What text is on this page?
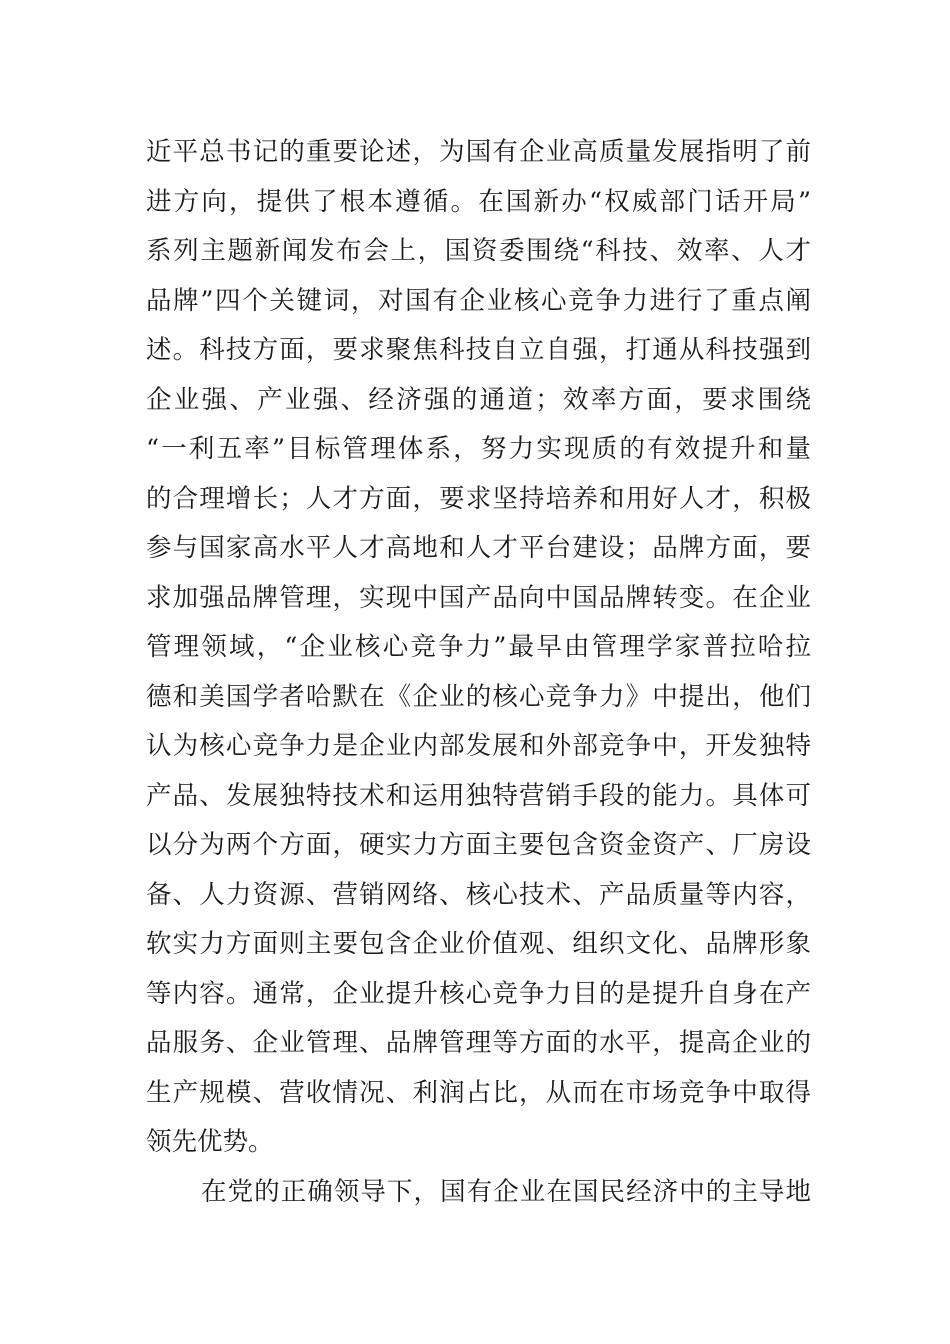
近平总书记的重要论述，为国有企业高质量发展指明了前
进方向，提供了根本遵循。在国新办“权威部门话开局”
系列主题新闻发布会上，国资委围绕“科技、效率、人才
品牌”四个关键词，对国有企业核心竞争力进行了重点阐
述。科技方面，要求聚焦科技自立自强，打通从科技强到
企业强、产业强、经济强的通道；效率方面，要求围绕
“一利五率”目标管理体系，努力实现质的有效提升和量
的合理增长；人才方面，要求坚持培养和用好人才，积极
参与国家高水平人才高地和人才平台建设；品牌方面，要
求加强品牌管理，实现中国产品向中国品牌转变。在企业
管理领域，“企业核心竞争力”最早由管理学家普拉哈拉
德和美国学者哈默在《企业的核心竞争力》中提出，他们
认为核心竞争力是企业内部发展和外部竞争中，开发独特
产品、发展独特技术和运用独特营销手段的能力。具体可
以分为两个方面，硬实力方面主要包含资金资产、厂房设
备、人力资源、营销网络、核心技术、产品质量等内容，
软实力方面则主要包含企业价值观、组织文化、品牌形象
等内容。通常，企业提升核心竞争力目的是提升自身在产
品服务、企业管理、品牌管理等方面的水平，提高企业的
生产规模、营收情况、利润占比，从而在市场竞争中取得
领先优势。
在党的正确领导下，国有企业在国民经济中的主导地
